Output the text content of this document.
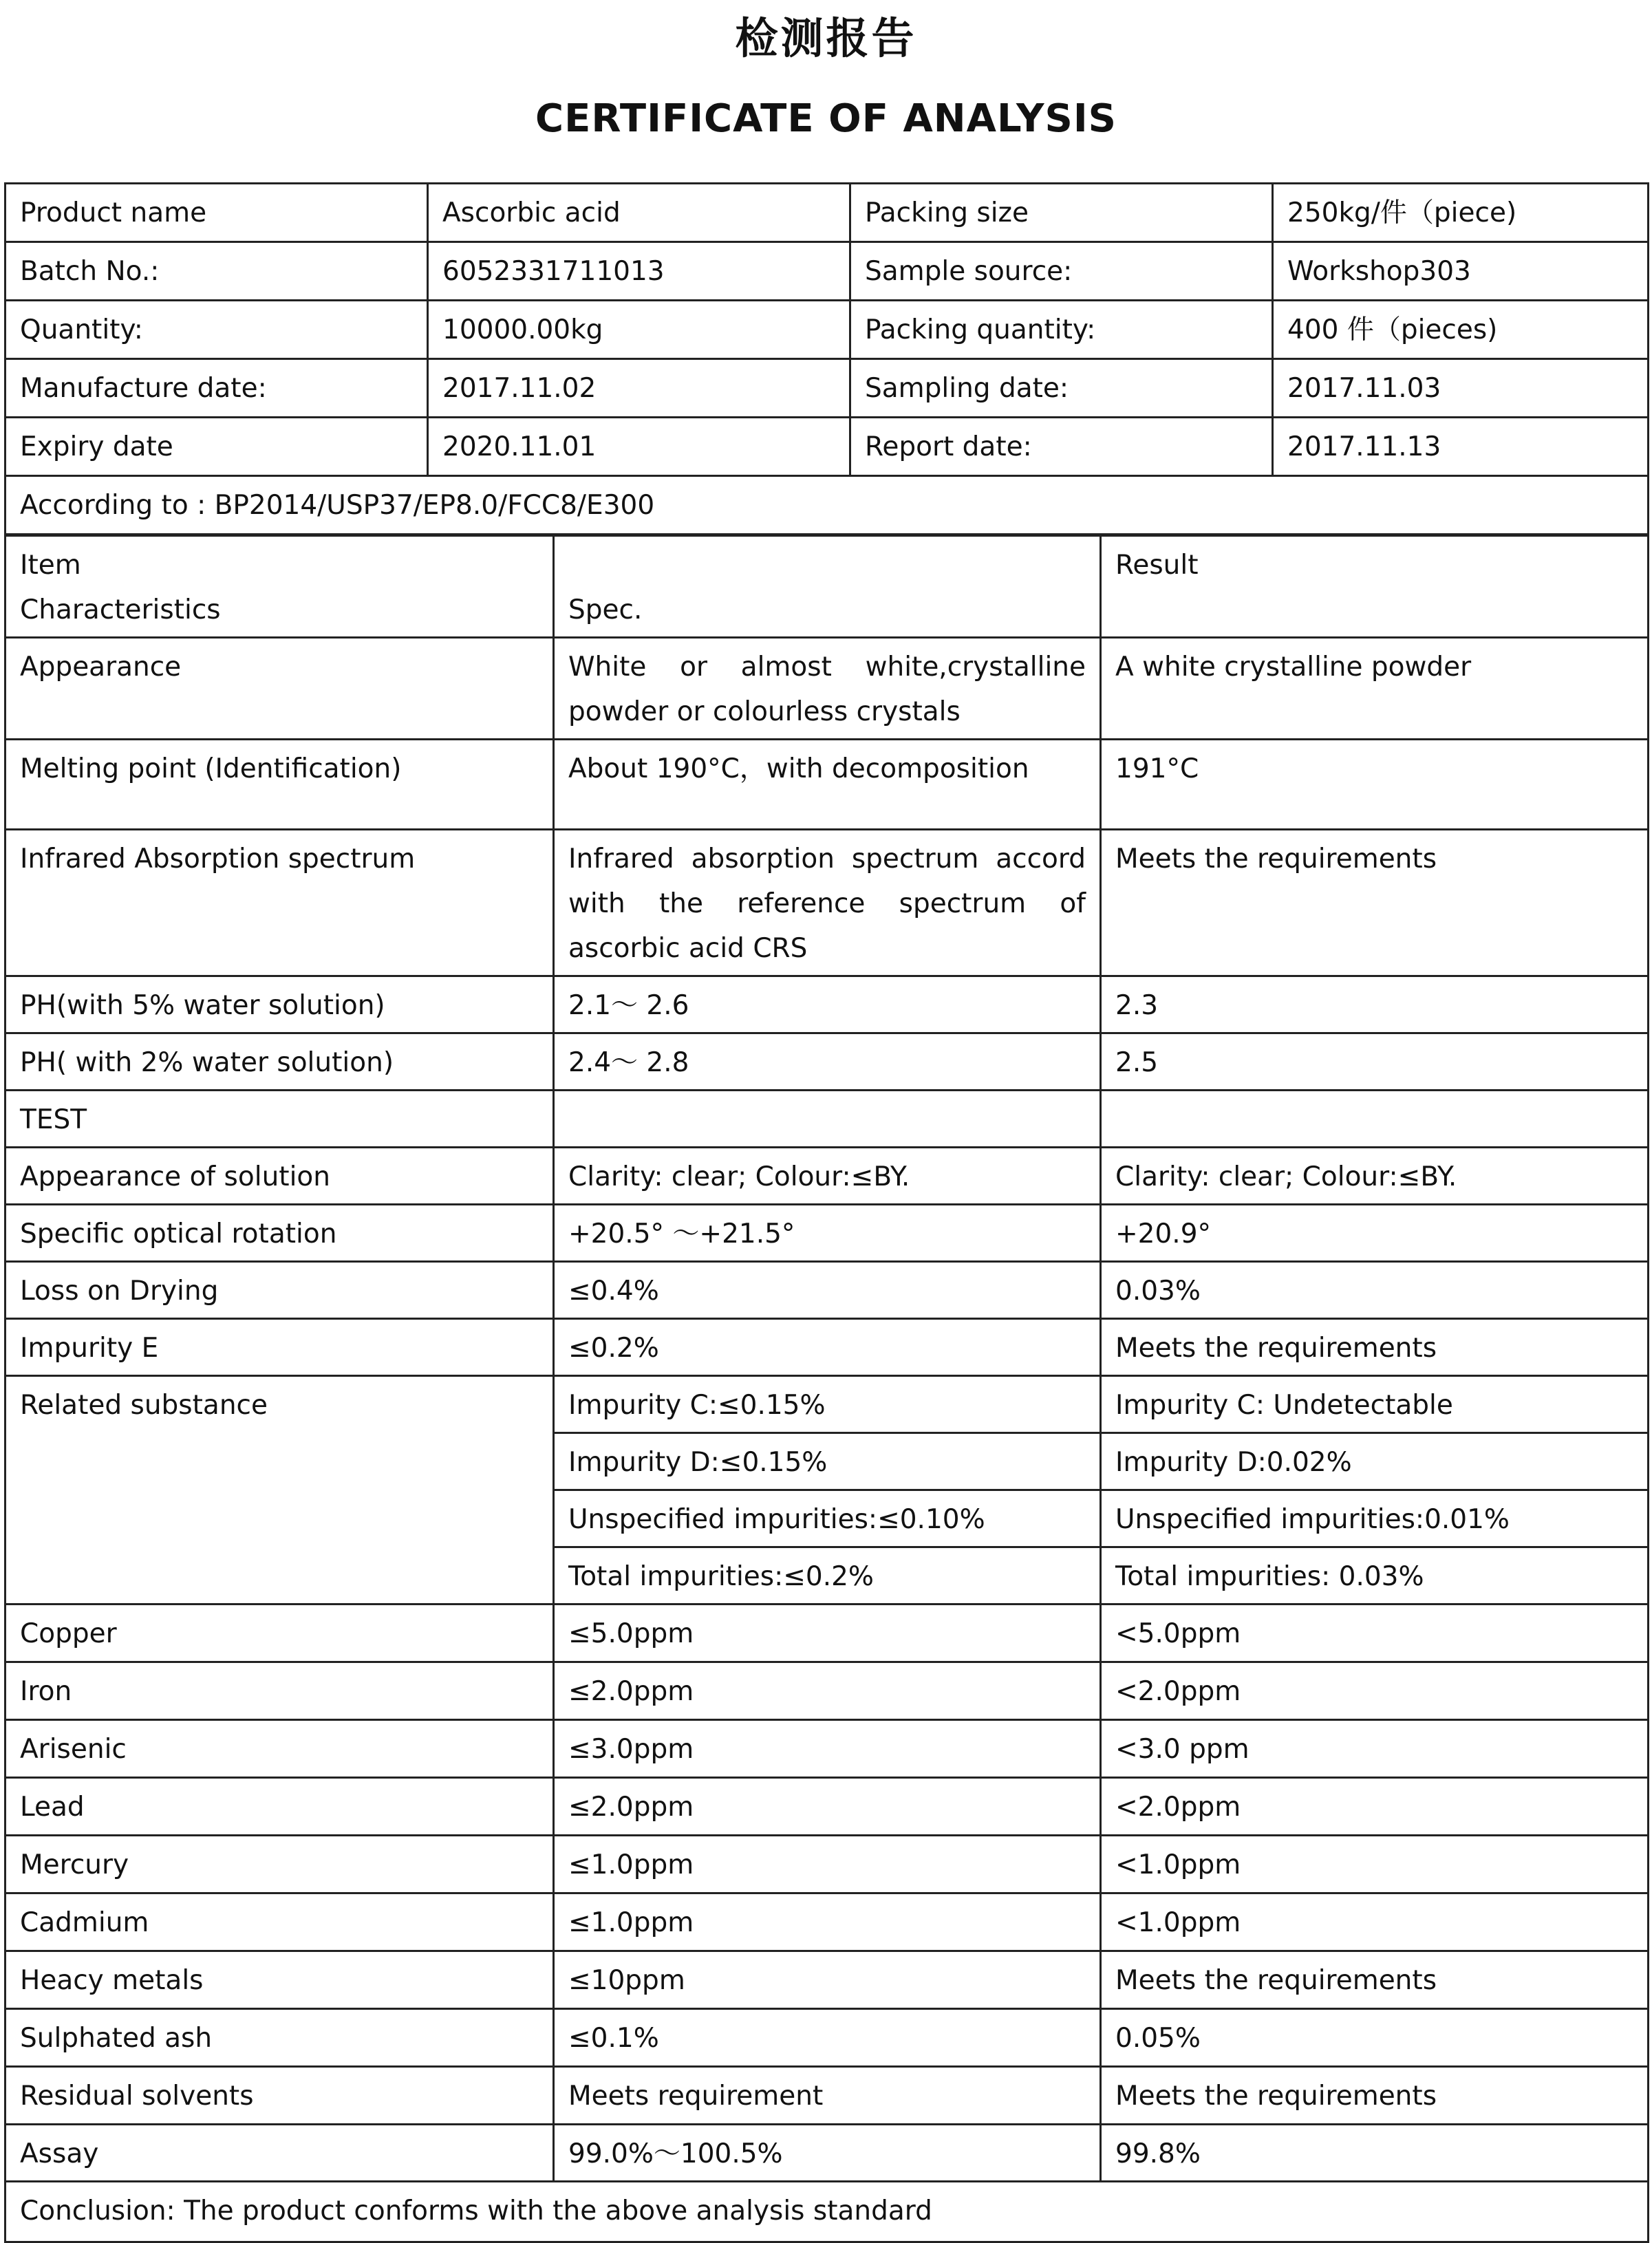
检测报告
CERTIFICATE OF ANALYSIS
Product name	Ascorbic acid	Packing size	250kg/件（piece)
Batch No.:	6052331711013	Sample source:	Workshop303
Quantity:	10000.00kg	Packing quantity:	400 件（pieces)
Manufacture date:	2017.11.02	Sampling date:	2017.11.03
Expiry date	2020.11.01	Report date:	2017.11.13
According to : BP2014/USP37/EP8.0/FCC8/E300			
Item
Characteristics	Spec.	Result

Appearance	White or almost white,crystalline powder or colourless crystals	A white crystalline powder
Melting point (Identification)	About 190°C，with decomposition	191°C
Infrared Absorption spectrum	Infrared absorption spectrum accord with the reference spectrum of ascorbic acid CRS	Meets the requirements
PH(with 5% water solution)	2.1～ 2.6	2.3
PH( with 2% water solution)	2.4～ 2.8	2.5
TEST		
Appearance of solution	Clarity: clear; Colour:≤BY.	Clarity: clear; Colour:≤BY.
Specific optical rotation	+20.5° ～+21.5°	+20.9°
Loss on Drying	≤0.4%	0.03%
Impurity E	≤0.2%	Meets the requirements
Related substance	Impurity C:≤0.15%	Impurity C: Undetectable
	Impurity D:≤0.15%	Impurity D:0.02%
	Unspecified impurities:≤0.10%	Unspecified impurities:0.01%
	Total impurities:≤0.2%	Total impurities: 0.03%
Copper	≤5.0ppm	<5.0ppm
Iron	≤2.0ppm	<2.0ppm
Arisenic	≤3.0ppm	<3.0 ppm
Lead	≤2.0ppm	<2.0ppm
Mercury	≤1.0ppm	<1.0ppm
Cadmium	≤1.0ppm	<1.0ppm
Heacy metals	≤10ppm	Meets the requirements
Sulphated ash	≤0.1%	0.05%
Residual solvents	Meets requirement	Meets the requirements
Assay	99.0%～100.5%	99.8%
Conclusion: The product conforms with the above analysis standard		
